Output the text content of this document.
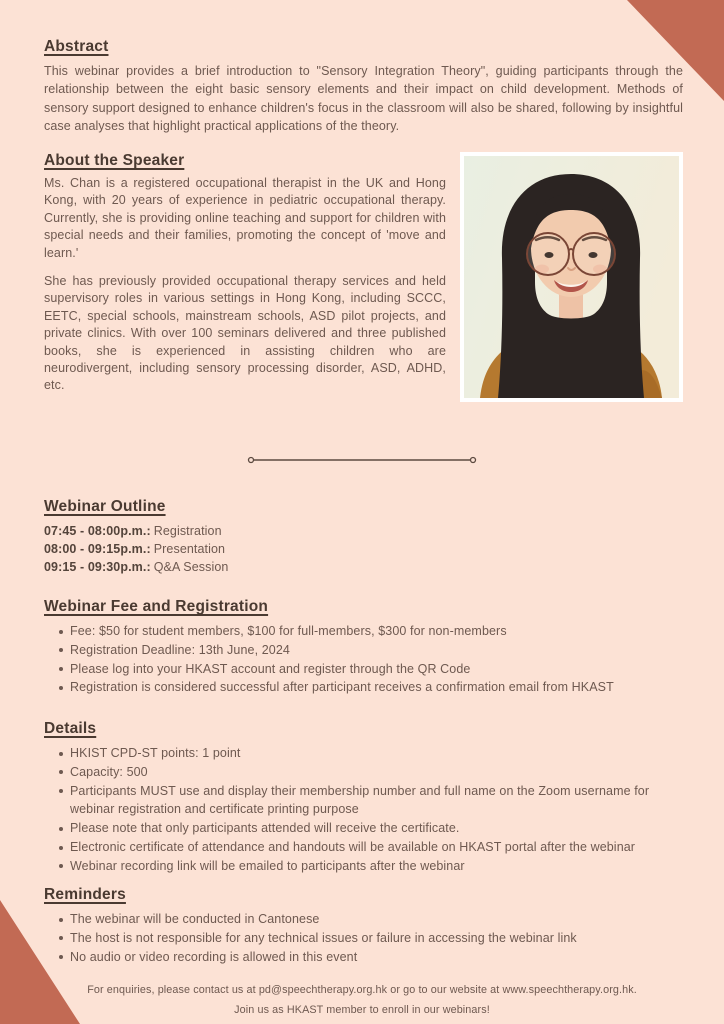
Abstract

This webinar provides a brief introduction to "Sensory Integration Theory", guiding participants through the relationship between the eight basic sensory elements and their impact on child development. Methods of sensory support designed to enhance children's focus in the classroom will also be shared, following by insightful case analyses that highlight practical applications of the theory.

About the Speaker

Ms. Chan is a registered occupational therapist in the UK and Hong Kong, with 20 years of experience in pediatric occupational therapy. Currently, she is providing online teaching and support for children with special needs and their families, promoting the concept of 'move and learn.'

She has previously provided occupational therapy services and held supervisory roles in various settings in Hong Kong, including SCCC, EETC, special schools, mainstream schools, ASD pilot projects, and private clinics. With over 100 seminars delivered and three published books, she is experienced in assisting children who are neurodivergent, including sensory processing disorder, ASD, ADHD, etc.

Webinar Outline
07:45 - 08:00p.m.: Registration
08:00 - 09:15p.m.: Presentation
09:15 - 09:30p.m.: Q&A Session
Webinar Fee and Registration
Fee: $50 for student members, $100 for full-members, $300 for non-members
Registration Deadline: 13th June, 2024
Please log into your HKAST account and register through the QR Code
Registration is considered successful after participant receives a confirmation email from HKAST
Details
HKIST CPD-ST points: 1 point
Capacity: 500
Participants MUST use and display their membership number and full name on the Zoom username for webinar registration and certificate printing purpose
Please note that only participants attended will receive the certificate.
Electronic certificate of attendance and handouts will be available on HKAST portal after the webinar
Webinar recording link will be emailed to participants after the webinar
Reminders
The webinar will be conducted in Cantonese
The host is not responsible for any technical issues or failure in accessing the webinar link
No audio or video recording is allowed in this event
For enquiries, please contact us at pd@speechtherapy.org.hk or go to our website at www.speechtherapy.org.hk.
Join us as HKAST member to enroll in our webinars!
